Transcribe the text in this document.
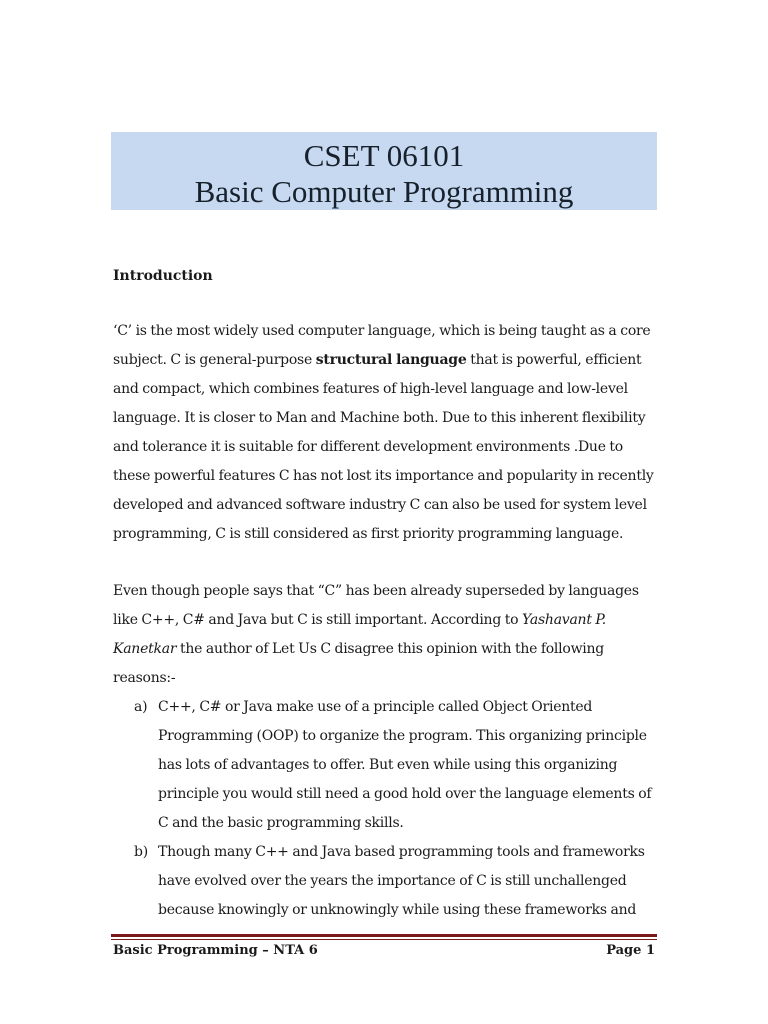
CSET 06101
Basic Computer Programming
Introduction

‘C’ is the most widely used computer language, which is being taught as a core subject. C is general-purpose structural language that is powerful, efficient and compact, which combines features of high-level language and low-level language. It is closer to Man and Machine both. Due to this inherent flexibility and tolerance it is suitable for different development environments .Due to these powerful features C has not lost its importance and popularity in recently developed and advanced software industry C can also be used for system level programming, C is still considered as first priority programming language.

Even though people says that “C” has been already superseded by languages like C++, C# and Java but C is still important. According to Yashavant P. Kanetkar the author of Let Us C disagree this opinion with the following reasons:-

a) C++, C# or Java make use of a principle called Object Oriented Programming (OOP) to organize the program. This organizing principle has lots of advantages to offer. But even while using this organizing principle you would still need a good hold over the language elements of C and the basic programming skills.
b) Though many C++ and Java based programming tools and frameworks have evolved over the years the importance of C is still unchallenged because knowingly or unknowingly while using these frameworks and
Basic Programming – NTA 6	Page 1
